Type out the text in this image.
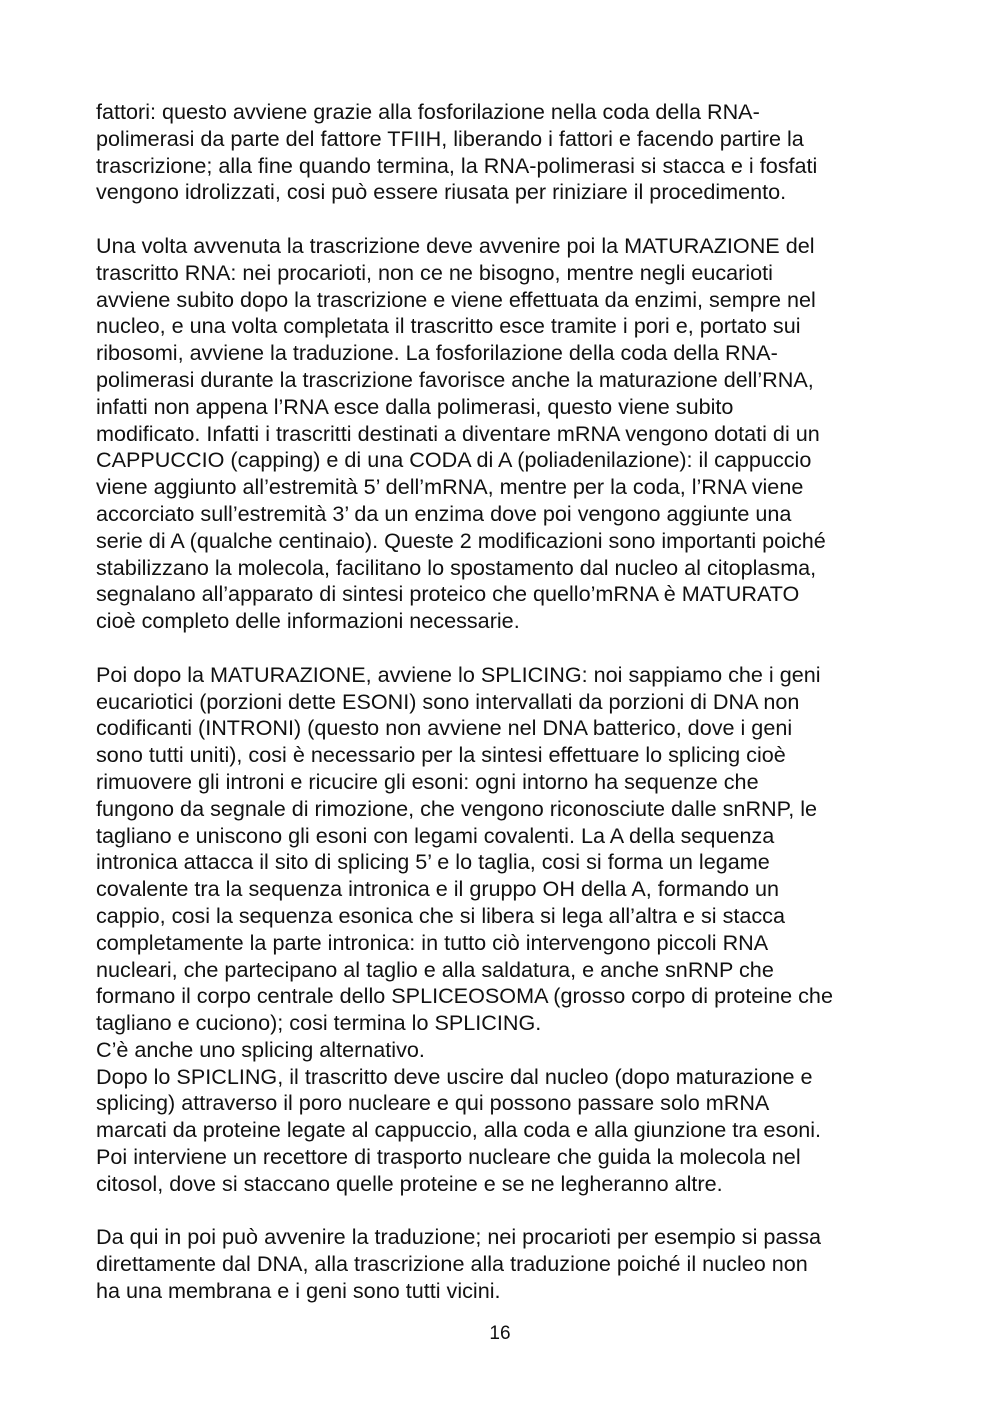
fattori: questo avviene grazie alla fosforilazione nella coda della RNA-
polimerasi da parte del fattore TFIIH, liberando i fattori e facendo partire la
trascrizione; alla fine quando termina, la RNA-polimerasi si stacca e i fosfati
vengono idrolizzati, cosi può essere riusata per riniziare il procedimento.
Una volta avvenuta la trascrizione deve avvenire poi la MATURAZIONE del
trascritto RNA: nei procarioti, non ce ne bisogno, mentre negli eucarioti
avviene subito dopo la trascrizione e viene effettuata da enzimi, sempre nel
nucleo, e una volta completata il trascritto esce tramite i pori e, portato sui
ribosomi, avviene la traduzione. La fosforilazione della coda della RNA-
polimerasi durante la trascrizione favorisce anche la maturazione dell’RNA,
infatti non appena l’RNA esce dalla polimerasi, questo viene subito
modificato. Infatti i trascritti destinati a diventare mRNA vengono dotati di un
CAPPUCCIO (capping) e di una CODA di A (poliadenilazione): il cappuccio
viene aggiunto all’estremità 5’ dell’mRNA, mentre per la coda, l’RNA viene
accorciato sull’estremità 3’ da un enzima dove poi vengono aggiunte una
serie di A (qualche centinaio). Queste 2 modificazioni sono importanti poiché
stabilizzano la molecola, facilitano lo spostamento dal nucleo al citoplasma,
segnalano all’apparato di sintesi proteico che quello’mRNA è MATURATO
cioè completo delle informazioni necessarie.
Poi dopo la MATURAZIONE, avviene lo SPLICING: noi sappiamo che i geni
eucariotici (porzioni dette ESONI) sono intervallati da porzioni di DNA non
codificanti (INTRONI) (questo non avviene nel DNA batterico, dove i geni
sono tutti uniti), cosi è necessario per la sintesi effettuare lo splicing cioè
rimuovere gli introni e ricucire gli esoni: ogni intorno ha sequenze che
fungono da segnale di rimozione, che vengono riconosciute dalle snRNP, le
tagliano e uniscono gli esoni con legami covalenti. La A della sequenza
intronica attacca il sito di splicing 5’ e lo taglia, cosi si forma un legame
covalente tra la sequenza intronica e il gruppo OH della A, formando un
cappio, cosi la sequenza esonica che si libera si lega all’altra e si stacca
completamente la parte intronica: in tutto ciò intervengono piccoli RNA
nucleari, che partecipano al taglio e alla saldatura, e anche snRNP che
formano il corpo centrale dello SPLICEOSOMA (grosso corpo di proteine che
tagliano e cuciono); cosi termina lo SPLICING.
C’è anche uno splicing alternativo.
Dopo lo SPICLING, il trascritto deve uscire dal nucleo (dopo maturazione e
splicing) attraverso il poro nucleare e qui possono passare solo mRNA
marcati da proteine legate al cappuccio, alla coda e alla giunzione tra esoni.
Poi interviene un recettore di trasporto nucleare che guida la molecola nel
citosol, dove si staccano quelle proteine e se ne legheranno altre.
Da qui in poi può avvenire la traduzione; nei procarioti per esempio si passa
direttamente dal DNA, alla trascrizione alla traduzione poiché il nucleo non
ha una membrana e i geni sono tutti vicini.
16
